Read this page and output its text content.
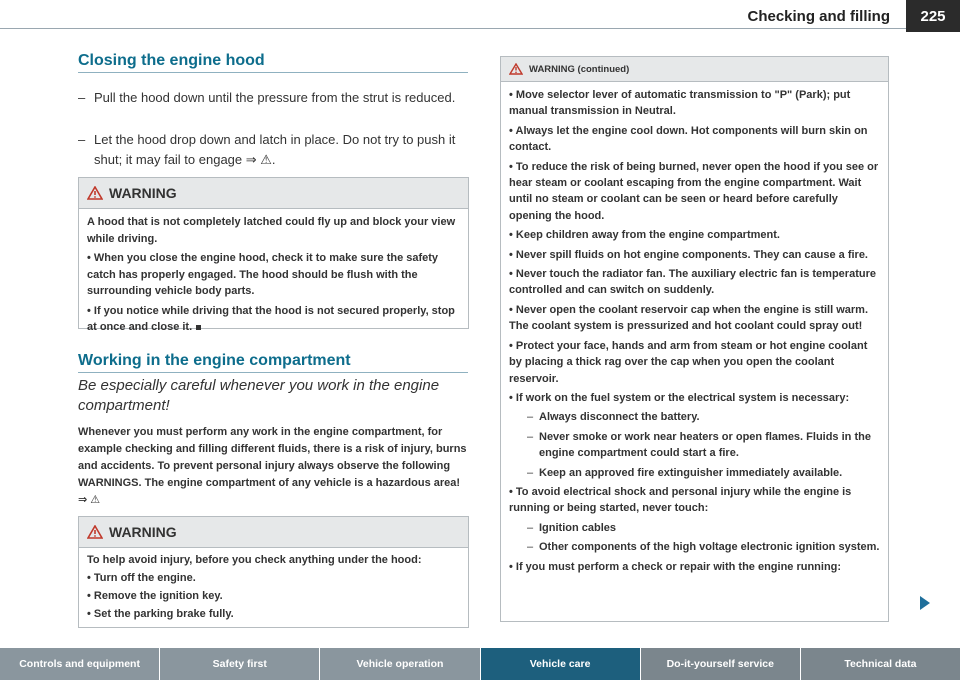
Checking and filling	225
Closing the engine hood
– Pull the hood down until the pressure from the strut is reduced.
– Let the hood drop down and latch in place. Do not try to push it shut; it may fail to engage ⇒ ⚠.
WARNING

A hood that is not completely latched could fly up and block your view while driving.

• When you close the engine hood, check it to make sure the safety catch has properly engaged. The hood should be flush with the surrounding vehicle body parts.

• If you notice while driving that the hood is not secured properly, stop at once and close it.

Working in the engine compartment
Be especially careful whenever you work in the engine compartment!
Whenever you must perform any work in the engine compartment, for example checking and filling different fluids, there is a risk of injury, burns and accidents. To prevent personal injury always observe the following WARNINGS. The engine compartment of any vehicle is a hazardous area! ⇒ ⚠
WARNING

To help avoid injury, before you check anything under the hood:

• Turn off the engine.

• Remove the ignition key.

• Set the parking brake fully.

WARNING (continued)

• Move selector lever of automatic transmission to "P" (Park); put manual transmission in Neutral.

• Always let the engine cool down. Hot components will burn skin on contact.

• To reduce the risk of being burned, never open the hood if you see or hear steam or coolant escaping from the engine compartment. Wait until no steam or coolant can be seen or heard before carefully opening the hood.

• Keep children away from the engine compartment.

• Never spill fluids on hot engine components. They can cause a fire.

• Never touch the radiator fan. The auxiliary electric fan is temperature controlled and can switch on suddenly.

• Never open the coolant reservoir cap when the engine is still warm. The coolant system is pressurized and hot coolant could spray out!

• Protect your face, hands and arm from steam or hot engine coolant by placing a thick rag over the cap when you open the coolant reservoir.

• If work on the fuel system or the electrical system is necessary:

– Always disconnect the battery.

– Never smoke or work near heaters or open flames. Fluids in the engine compartment could start a fire.

– Keep an approved fire extinguisher immediately available.

• To avoid electrical shock and personal injury while the engine is running or being started, never touch:

– Ignition cables

– Other components of the high voltage electronic ignition system.

• If you must perform a check or repair with the engine running:

Controls and equipment	Safety first	Vehicle operation	Vehicle care	Do-it-yourself service	Technical data
